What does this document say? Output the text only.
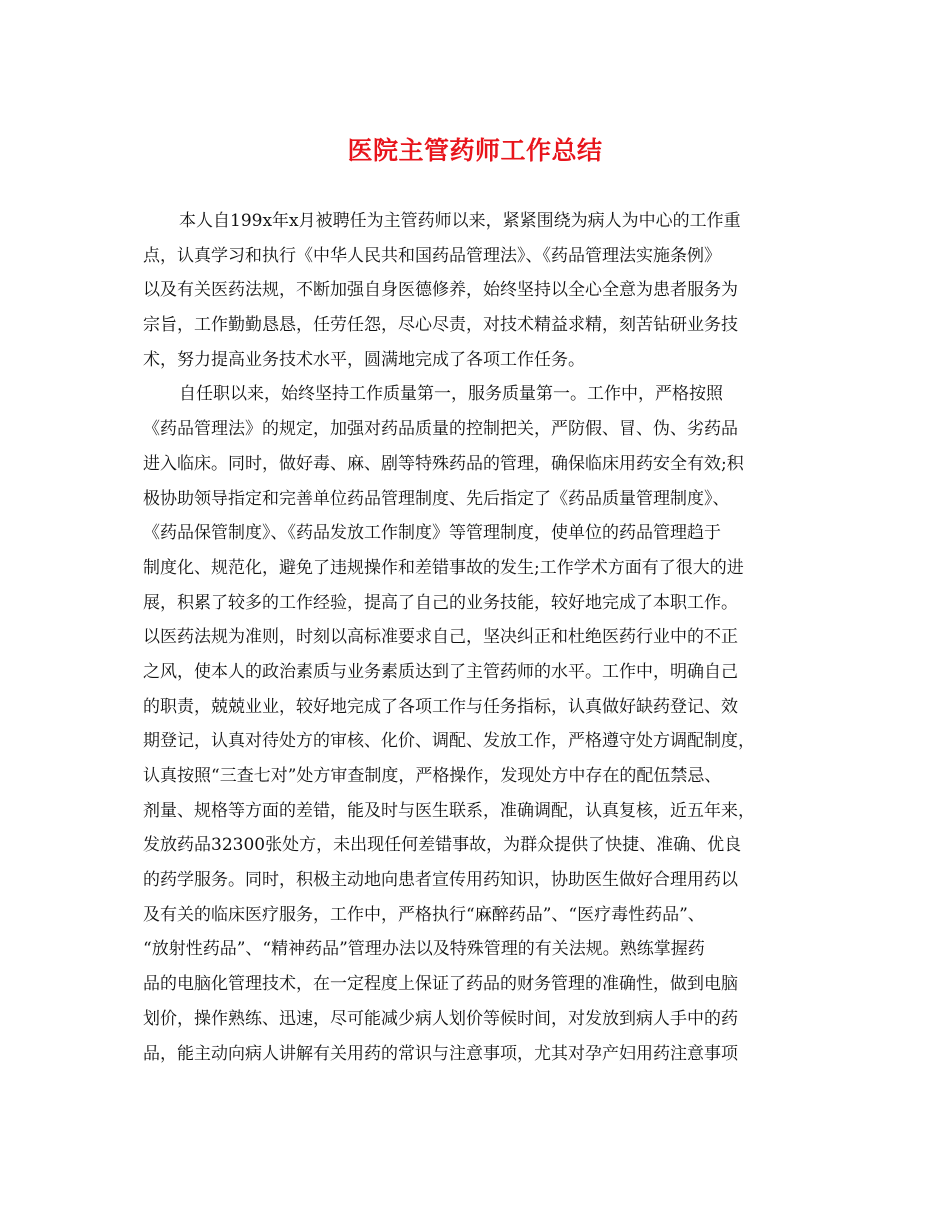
医院主管药师工作总结
本人自199x年x月被聘任为主管药师以来，紧紧围绕为病人为中心的工作重
点，认真学习和执行《中华人民共和国药品管理法》、《药品管理法实施条例》
以及有关医药法规，不断加强自身医德修养，始终坚持以全心全意为患者服务为
宗旨，工作勤勤恳恳，任劳任怨，尽心尽责，对技术精益求精，刻苦钻研业务技
术，努力提高业务技术水平，圆满地完成了各项工作任务。
自任职以来，始终坚持工作质量第一，服务质量第一。工作中，严格按照
《药品管理法》的规定，加强对药品质量的控制把关，严防假、冒、伪、劣药品
进入临床。同时，做好毒、麻、剧等特殊药品的管理，确保临床用药安全有效;积
极协助领导指定和完善单位药品管理制度、先后指定了《药品质量管理制度》、
《药品保管制度》、《药品发放工作制度》等管理制度，使单位的药品管理趋于
制度化、规范化，避免了违规操作和差错事故的发生;工作学术方面有了很大的进
展，积累了较多的工作经验，提高了自己的业务技能，较好地完成了本职工作。
以医药法规为准则，时刻以高标准要求自己，坚决纠正和杜绝医药行业中的不正
之风，使本人的政治素质与业务素质达到了主管药师的水平。工作中，明确自己
的职责，兢兢业业，较好地完成了各项工作与任务指标，认真做好缺药登记、效
期登记，认真对待处方的审核、化价、调配、发放工作，严格遵守处方调配制度，
认真按照“三查七对”处方审查制度，严格操作，发现处方中存在的配伍禁忌、
剂量、规格等方面的差错，能及时与医生联系，准确调配，认真复核，近五年来，
发放药品32300张处方，未出现任何差错事故，为群众提供了快捷、准确、优良
的药学服务。同时，积极主动地向患者宣传用药知识，协助医生做好合理用药以
及有关的临床医疗服务，工作中，严格执行“麻醉药品”、“医疗毒性药品”、
“放射性药品”、“精神药品”管理办法以及特殊管理的有关法规。熟练掌握药
品的电脑化管理技术，在一定程度上保证了药品的财务管理的准确性，做到电脑
划价，操作熟练、迅速，尽可能减少病人划价等候时间，对发放到病人手中的药
品，能主动向病人讲解有关用药的常识与注意事项，尤其对孕产妇用药注意事项
